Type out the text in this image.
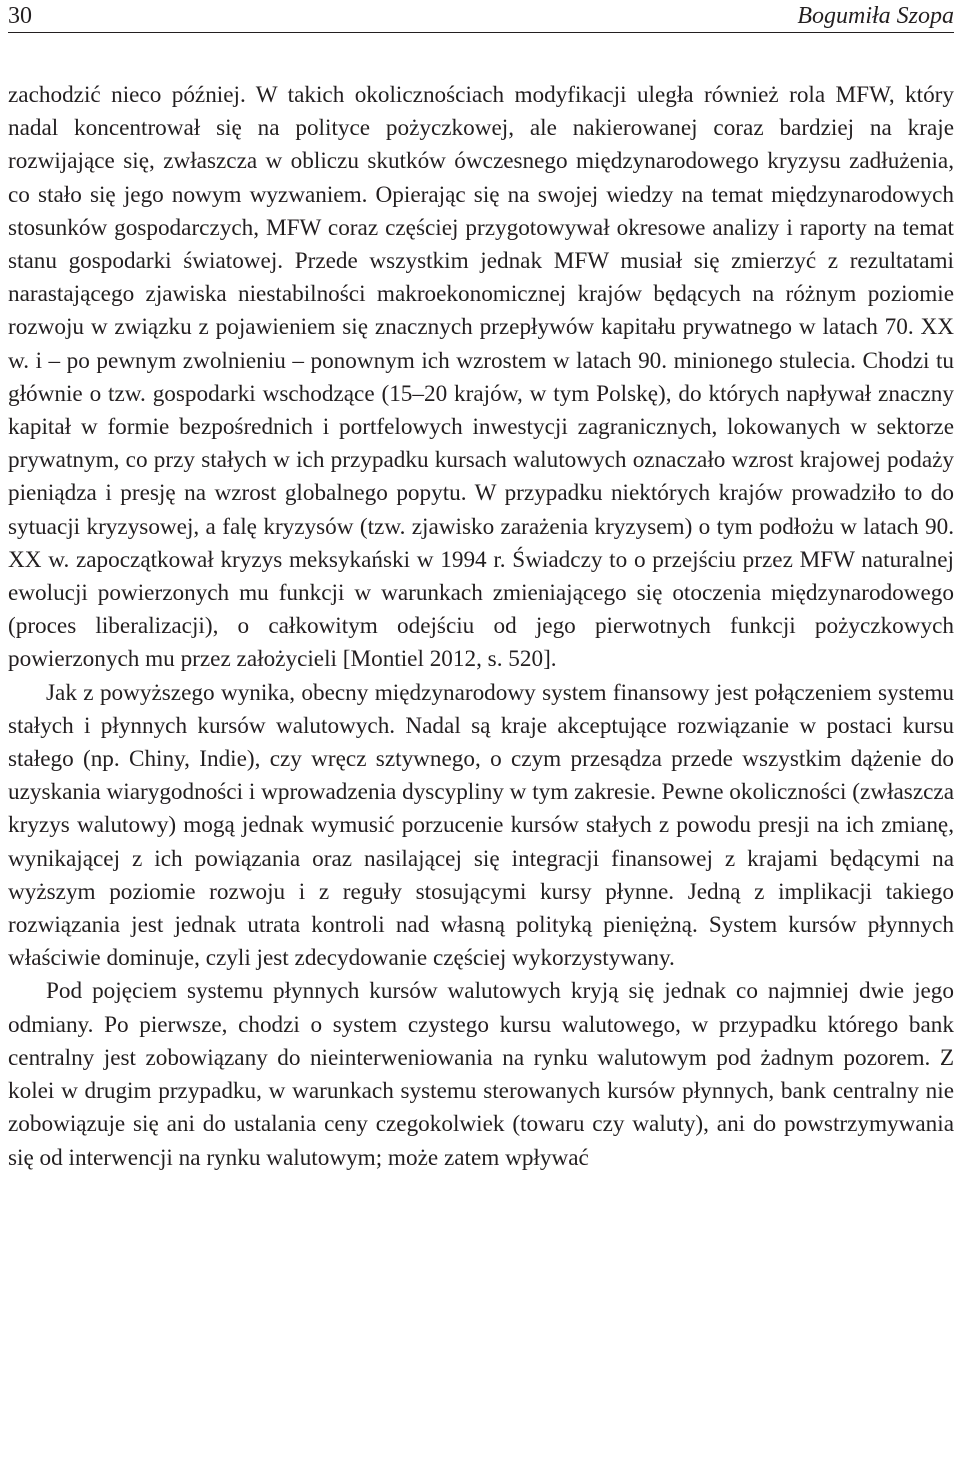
30	Bogumiła Szopa

zachodzić nieco później. W takich okolicznościach modyfikacji uległa również rola MFW, który nadal koncentrował się na polityce pożyczkowej, ale nakierowanej coraz bardziej na kraje rozwijające się, zwłaszcza w obliczu skutków ówczesnego międzynarodowego kryzysu zadłużenia, co stało się jego nowym wyzwaniem. Opierając się na swojej wiedzy na temat międzynarodowych stosunków gospodarczych, MFW coraz częściej przygotowywał okresowe analizy i raporty na temat stanu gospodarki światowej. Przede wszystkim jednak MFW musiał się zmierzyć z rezultatami narastającego zjawiska niestabilności makroekonomicznej krajów będących na różnym poziomie rozwoju w związku z pojawieniem się znacznych przepływów kapitału prywatnego w latach 70. XX w. i – po pewnym zwolnieniu – ponownym ich wzrostem w latach 90. minionego stulecia. Chodzi tu głównie o tzw. gospodarki wschodzące (15–20 krajów, w tym Polskę), do których napływał znaczny kapitał w formie bezpośrednich i portfelowych inwestycji zagranicznych, lokowanych w sektorze prywatnym, co przy stałych w ich przypadku kursach walutowych oznaczało wzrost krajowej podaży pieniądza i presję na wzrost globalnego popytu. W przypadku niektórych krajów prowadziło to do sytuacji kryzysowej, a falę kryzysów (tzw. zjawisko zarażenia kryzysem) o tym podłożu w latach 90. XX w. zapoczątkował kryzys meksykański w 1994 r. Świadczy to o przejściu przez MFW naturalnej ewolucji powierzonych mu funkcji w warunkach zmieniającego się otoczenia międzynarodowego (proces liberalizacji), o całkowitym odejściu od jego pierwotnych funkcji pożyczkowych powierzonych mu przez założycieli [Montiel 2012, s. 520].

Jak z powyższego wynika, obecny międzynarodowy system finansowy jest połączeniem systemu stałych i płynnych kursów walutowych. Nadal są kraje akceptujące rozwiązanie w postaci kursu stałego (np. Chiny, Indie), czy wręcz sztywnego, o czym przesądza przede wszystkim dążenie do uzyskania wiarygodności i wprowadzenia dyscypliny w tym zakresie. Pewne okoliczności (zwłaszcza kryzys walutowy) mogą jednak wymusić porzucenie kursów stałych z powodu presji na ich zmianę, wynikającej z ich powiązania oraz nasilającej się integracji finansowej z krajami będącymi na wyższym poziomie rozwoju i z reguły stosującymi kursy płynne. Jedną z implikacji takiego rozwiązania jest jednak utrata kontroli nad własną polityką pieniężną. System kursów płynnych właściwie dominuje, czyli jest zdecydowanie częściej wykorzystywany.

Pod pojęciem systemu płynnych kursów walutowych kryją się jednak co najmniej dwie jego odmiany. Po pierwsze, chodzi o system czystego kursu walutowego, w przypadku którego bank centralny jest zobowiązany do nieinterweniowania na rynku walutowym pod żadnym pozorem. Z kolei w drugim przypadku, w warunkach systemu sterowanych kursów płynnych, bank centralny nie zobowiązuje się ani do ustalania ceny czegokolwiek (towaru czy waluty), ani do powstrzymywania się od interwencji na rynku walutowym; może zatem wpływać
